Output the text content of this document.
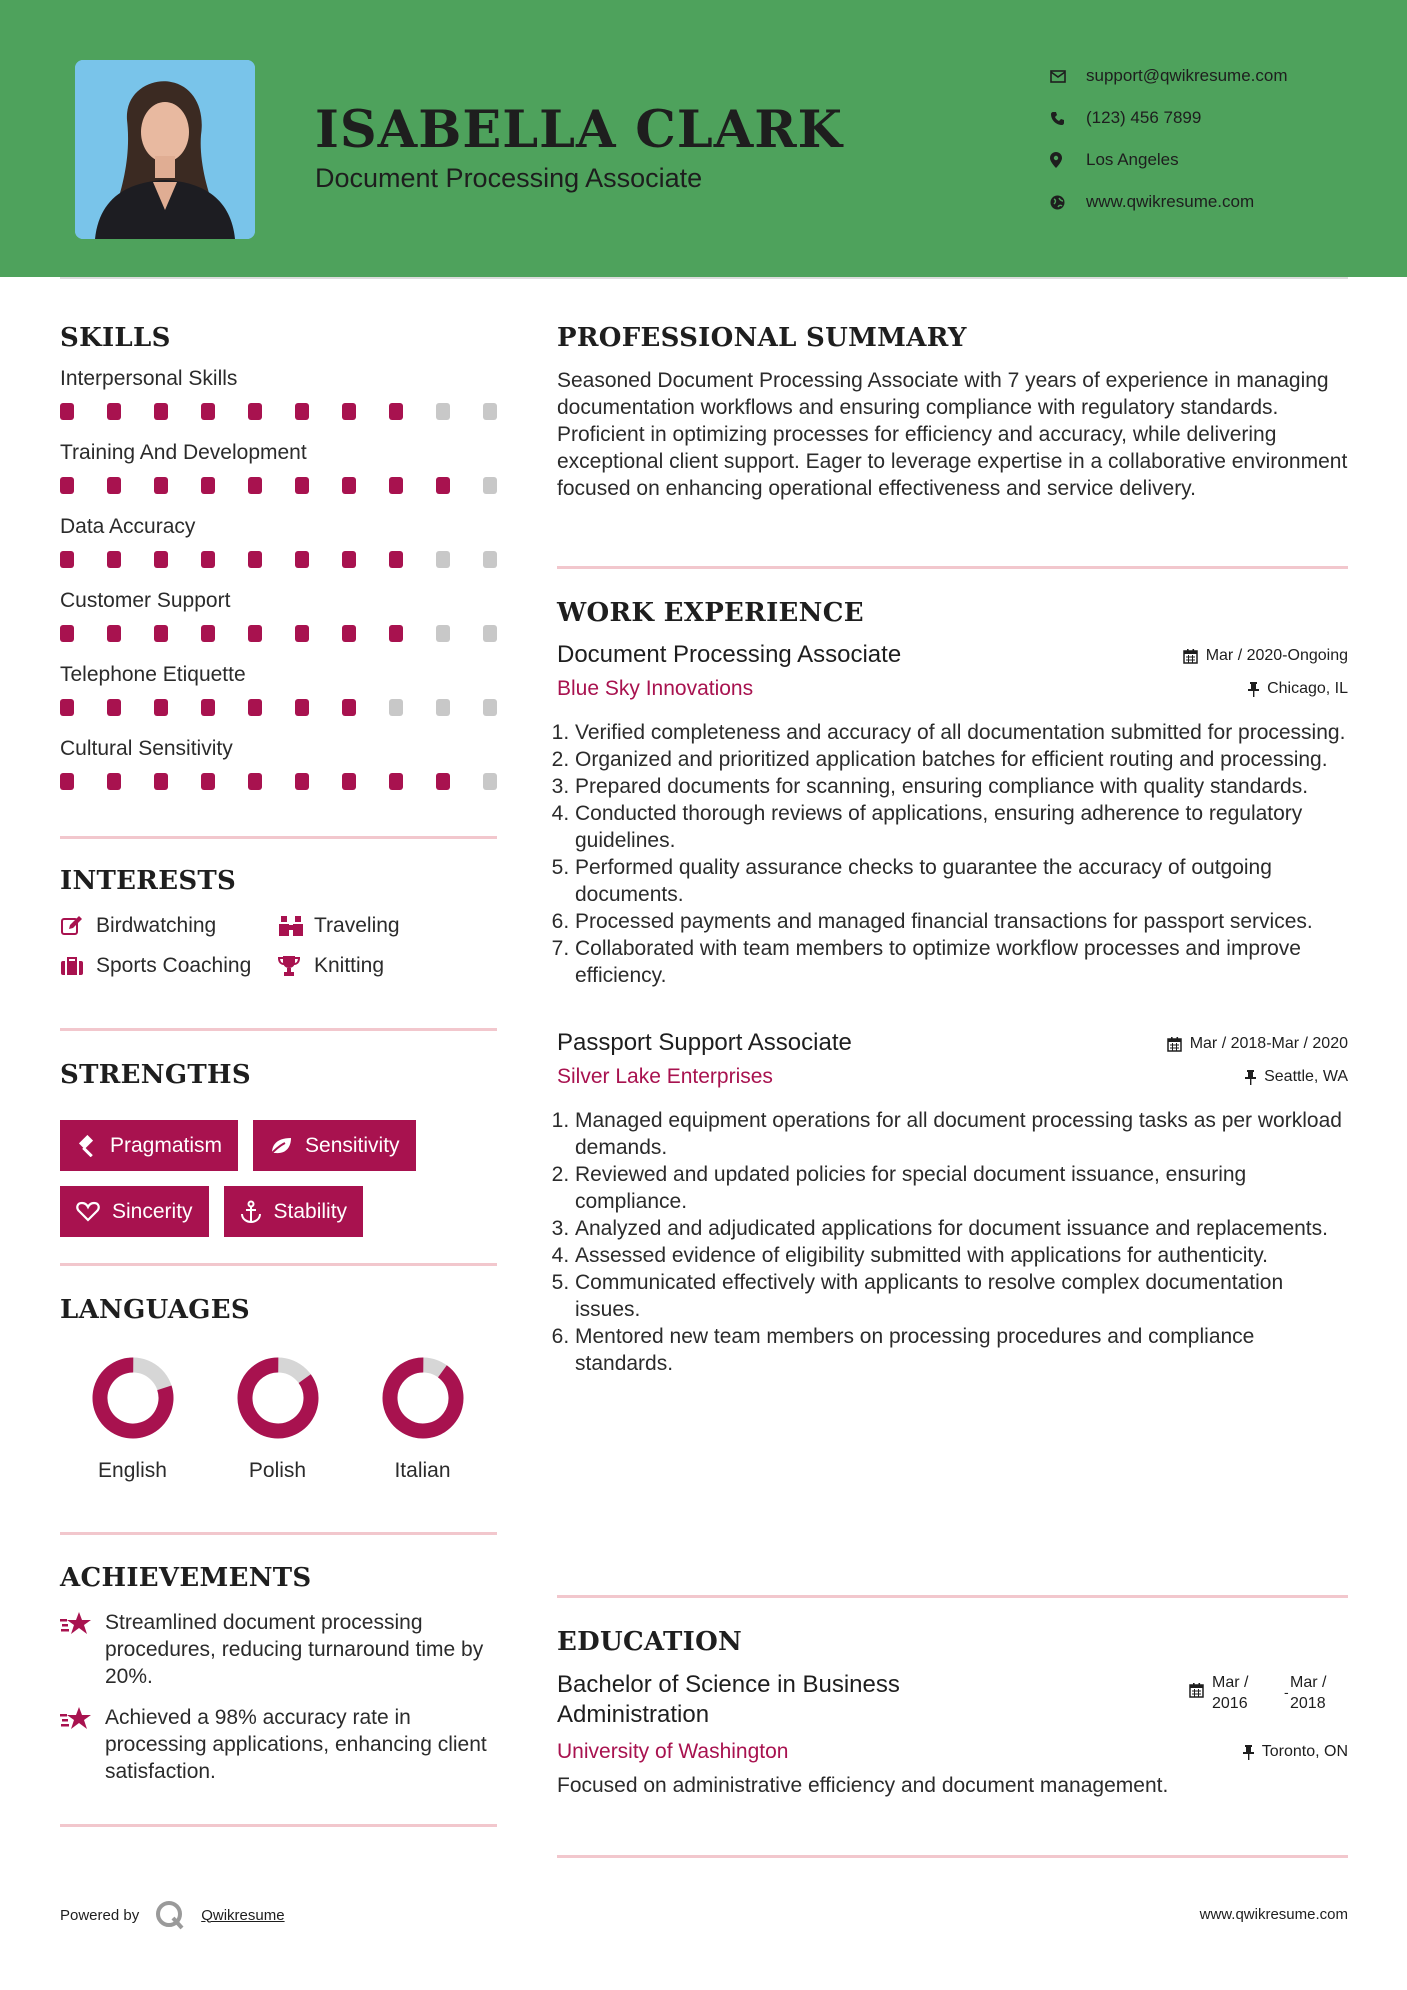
ISABELLA CLARK
Document Processing Associate
support@qwikresume.com
(123) 456 7899
Los Angeles
www.qwikresume.com
SKILLS
Interpersonal Skills
Training And Development
Data Accuracy
Customer Support
Telephone Etiquette
Cultural Sensitivity
INTERESTS
Birdwatching	Traveling
Sports Coaching	Knitting
STRENGTHS
Pragmatism	Sensitivity
Sincerity	Stability
LANGUAGES
English	Polish	Italian
ACHIEVEMENTS
Streamlined document processing procedures, reducing turnaround time by 20%.
Achieved a 98% accuracy rate in processing applications, enhancing client satisfaction.
PROFESSIONAL SUMMARY
Seasoned Document Processing Associate with 7 years of experience in managing documentation workflows and ensuring compliance with regulatory standards. Proficient in optimizing processes for efficiency and accuracy, while delivering exceptional client support. Eager to leverage expertise in a collaborative environment focused on enhancing operational effectiveness and service delivery.
WORK EXPERIENCE
Document Processing Associate	Mar / 2020-Ongoing
Blue Sky Innovations	Chicago, IL
1. Verified completeness and accuracy of all documentation submitted for processing.
2. Organized and prioritized application batches for efficient routing and processing.
3. Prepared documents for scanning, ensuring compliance with quality standards.
4. Conducted thorough reviews of applications, ensuring adherence to regulatory guidelines.
5. Performed quality assurance checks to guarantee the accuracy of outgoing documents.
6. Processed payments and managed financial transactions for passport services.
7. Collaborated with team members to optimize workflow processes and improve efficiency.
Passport Support Associate	Mar / 2018-Mar / 2020
Silver Lake Enterprises	Seattle, WA
1. Managed equipment operations for all document processing tasks as per workload demands.
2. Reviewed and updated policies for special document issuance, ensuring compliance.
3. Analyzed and adjudicated applications for document issuance and replacements.
4. Assessed evidence of eligibility submitted with applications for authenticity.
5. Communicated effectively with applicants to resolve complex documentation issues.
6. Mentored new team members on processing procedures and compliance standards.
EDUCATION
Bachelor of Science in Business Administration
Mar /
2016
-
Mar /
2018
University of Washington	Toronto, ON
Focused on administrative efficiency and document management.
Powered by	Qwikresume	www.qwikresume.com
